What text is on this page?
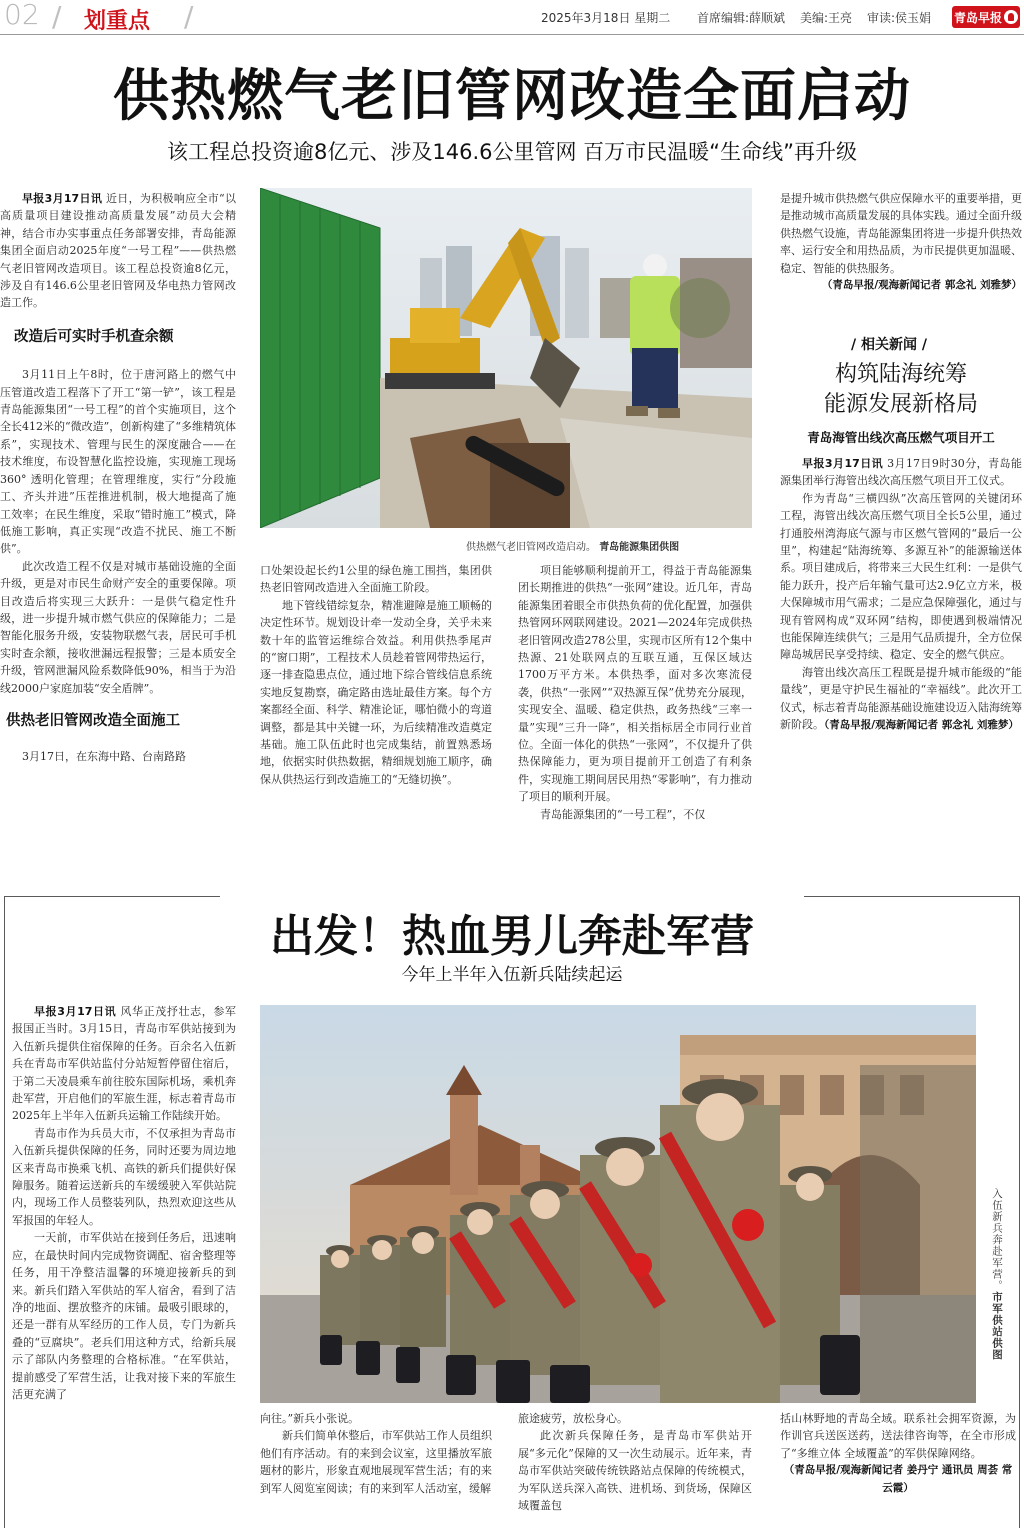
02 / 划重点 /	2025年3月18日 星期二 首席编辑:薛顺斌 美编:王亮 审读:侯玉娟 青岛早报
供热燃气老旧管网改造全面启动
该工程总投资逾8亿元、涉及146.6公里管网 百万市民温暖“生命线”再升级

早报3月17日讯 近日，为积极响应全市“以高质量项目建设推动高质量发展”动员大会精神，结合市办实事重点任务部署安排，青岛能源集团全面启动2025年度“一号工程”——供热燃气老旧管网改造项目。该工程总投资逾8亿元，涉及自有146.6公里老旧管网及华电热力管网改造工作。

改造后可实时手机查余额

3月11日上午8时，位于唐河路上的燃气中压管道改造工程落下了开工“第一铲”，该工程是青岛能源集团“一号工程”的首个实施项目，这个全长412米的“微改造”，创新构建了“多维精筑体系”，实现技术、管理与民生的深度融合——在技术维度，布设智慧化监控设施，实现施工现场360° 透明化管理；在管理维度，实行“分段施工、齐头并进”压茬推进机制，极大地提高了施工效率；在民生维度，采取“错时施工”模式，降低施工影响，真正实现“改造不扰民、施工不断供”。

此次改造工程不仅是对城市基础设施的全面升级，更是对市民生命财产安全的重要保障。项目改造后将实现三大跃升：一是供气稳定性升级，进一步提升城市燃气供应的保障能力；二是智能化服务升级，安装物联燃气表，居民可手机实时查余额，接收泄漏远程报警；三是本质安全升级，管网泄漏风险系数降低90%，相当于为沿线2000户家庭加装“安全盾牌”。

供热老旧管网改造全面施工

3月17日，在东海中路、台南路路

供热燃气老旧管网改造启动。 青岛能源集团供图

口处架设起长约1公里的绿色施工围挡，集团供热老旧管网改造进入全面施工阶段。

地下管线错综复杂，精准避障是施工顺畅的决定性环节。规划设计牵一发动全身，关乎未来数十年的监管运维综合效益。利用供热季尾声的“窗口期”，工程技术人员趁着管网带热运行，逐一排查隐患点位，通过地下综合管线信息系统实地反复勘察，确定路由选址最佳方案。每个方案都经全面、科学、精准论证，哪怕微小的弯道调整，都是其中关键一环，为后续精准改造奠定基础。施工队伍此时也完成集结，前置熟悉场地，依据实时供热数据，精细规划施工顺序，确保从供热运行到改造施工的“无缝切换”。

项目能够顺利提前开工，得益于青岛能源集团长期推进的供热“一张网”建设。近几年，青岛能源集团着眼全市供热负荷的优化配置，加强供热管网环网联网建设。2021—2024年完成供热老旧管网改造278公里，实现市区所有12个集中热源、21处联网点的互联互通，互保区域达1700万平方米。本供热季，面对多次寒流侵袭，供热“一张网”“双热源互保”优势充分展现，实现安全、温暖、稳定供热，政务热线“三率一量”实现“三升一降”，相关指标居全市同行业首位。全面一体化的供热“一张网”，不仅提升了供热保障能力，更为项目提前开工创造了有利条件，实现施工期间居民用热“零影响”，有力推动了项目的顺利开展。

青岛能源集团的“一号工程”，不仅

是提升城市供热燃气供应保障水平的重要举措，更是推动城市高质量发展的具体实践。通过全面升级供热燃气设施，青岛能源集团将进一步提升供热效率、运行安全和用热品质，为市民提供更加温暖、稳定、智能的供热服务。

（青岛早报/观海新闻记者 郭念礼 刘雅梦）

/ 相关新闻 /
构筑陆海统筹
能源发展新格局
青岛海管出线次高压燃气项目开工

早报3月17日讯 3月17日9时30分，青岛能源集团举行海管出线次高压燃气项目开工仪式。

作为青岛“三横四纵”次高压管网的关键闭环工程，海管出线次高压燃气项目全长5公里，通过打通胶州湾海底气源与市区燃气管网的“最后一公里”，构建起“陆海统筹、多源互补”的能源输送体系。项目建成后，将带来三大民生红利：一是供气能力跃升，投产后年输气量可达2.9亿立方米，极大保障城市用气需求；二是应急保障强化，通过与现有管网构成“双环网”结构，即使遇到极端情况也能保障连续供气；三是用气品质提升，全方位保障岛城居民享受持续、稳定、安全的燃气供应。

海管出线次高压工程既是提升城市能级的“能量线”，更是守护民生福祉的“幸福线”。此次开工仪式，标志着青岛能源基础设施建设迈入陆海统筹新阶段。（青岛早报/观海新闻记者 郭念礼 刘雅梦）

出发！热血男儿奔赴军营
今年上半年入伍新兵陆续起运

早报3月17日讯 风华正茂抒壮志，参军报国正当时。3月15日，青岛市军供站接到为入伍新兵提供住宿保障的任务。百余名入伍新兵在青岛市军供站监付分站短暂停留住宿后，于第二天凌晨乘车前往胶东国际机场，乘机奔赴军营，开启他们的军旅生涯，标志着青岛市2025年上半年入伍新兵运输工作陆续开始。

青岛市作为兵员大市，不仅承担为青岛市入伍新兵提供保障的任务，同时还要为周边地区来青岛市换乘飞机、高铁的新兵们提供好保障服务。随着运送新兵的车缓缓驶入军供站院内，现场工作人员整装列队，热烈欢迎这些从军报国的年轻人。

一天前，市军供站在接到任务后，迅速响应，在最快时间内完成物资调配、宿舍整理等任务，用干净整洁温馨的环境迎接新兵的到来。新兵们踏入军供站的军人宿舍，看到了洁净的地面、摆放整齐的床铺。最吸引眼球的，还是一群有从军经历的工作人员，专门为新兵叠的“豆腐块”。老兵们用这种方式，给新兵展示了部队内务整理的合格标准。“在军供站，提前感受了军营生活，让我对接下来的军旅生活更充满了

入伍新兵奔赴军营。市军供站供图

向往。”新兵小张说。

新兵们简单休整后，市军供站工作人员组织他们有序活动。有的来到会议室，这里播放军旅题材的影片，形象直观地展现军营生活；有的来到军人阅览室阅读；有的来到军人活动室，缓解

旅途疲劳，放松身心。

此次新兵保障任务，是青岛市军供站开展“多元化”保障的又一次生动展示。近年来，青岛市军供站突破传统铁路站点保障的传统模式，为军队送兵深入高铁、进机场、到货场，保障区域覆盖包

括山林野地的青岛全域。联系社会拥军资源，为作训官兵送医送药，送法律咨询等，在全市形成了“多维立体 全域覆盖”的军供保障网络。

（青岛早报/观海新闻记者 姜丹宁 通讯员 周荟 常云霞）
